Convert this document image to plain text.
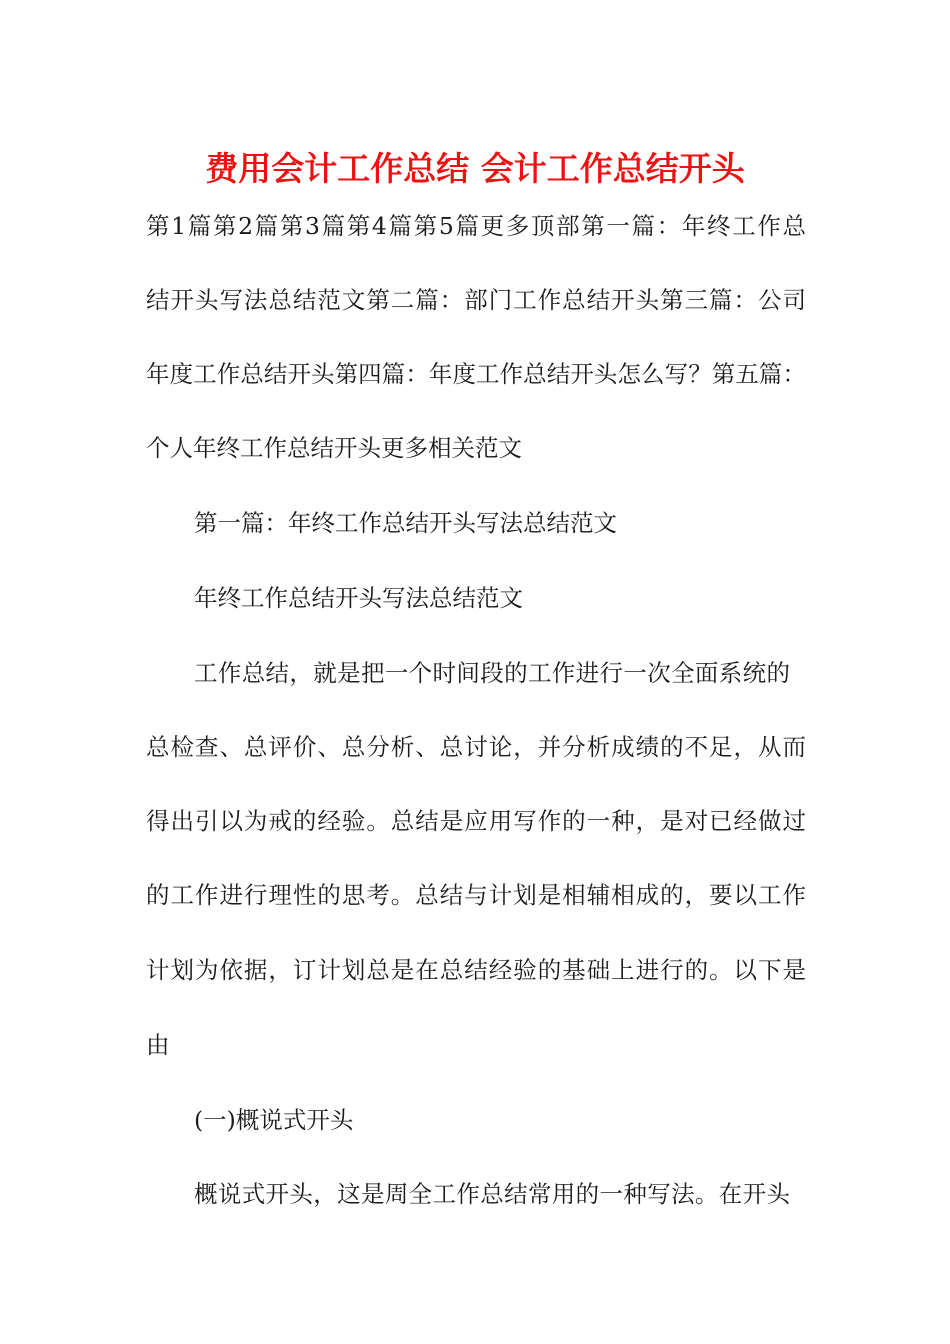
费用会计工作总结 会计工作总结开头
第1篇第2篇第3篇第4篇第5篇更多顶部第一篇：年终工作总
结开头写法总结范文第二篇：部门工作总结开头第三篇：公司
年度工作总结开头第四篇：年度工作总结开头怎么写？第五篇：
个人年终工作总结开头更多相关范文
第一篇：年终工作总结开头写法总结范文
年终工作总结开头写法总结范文
工作总结，就是把一个时间段的工作进行一次全面系统的
总检查、总评价、总分析、总讨论，并分析成绩的不足，从而
得出引以为戒的经验。总结是应用写作的一种，是对已经做过
的工作进行理性的思考。总结与计划是相辅相成的，要以工作
计划为依据，订计划总是在总结经验的基础上进行的。以下是
由
(一)概说式开头
概说式开头，这是周全工作总结常用的一种写法。在开头
